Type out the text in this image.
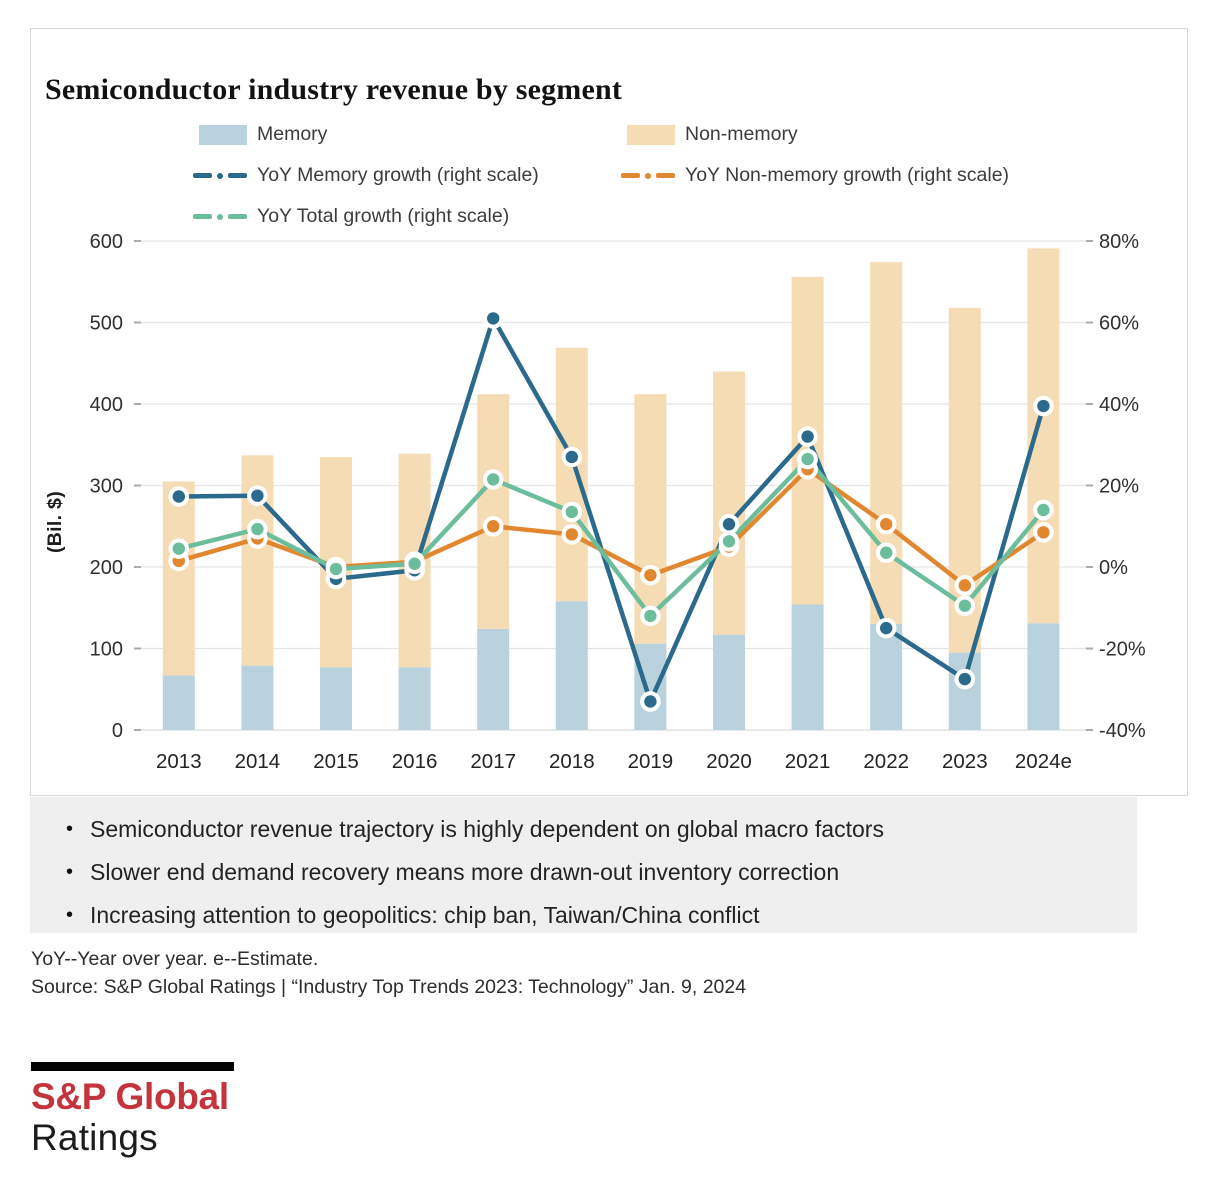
Semiconductor industry revenue by segment
Memory	Non-memory
YoY Memory growth (right scale)	YoY Non-memory growth (right scale)
YoY Total growth (right scale)
(Bil. $)
600
500
400
300
200
100
0
80%
60%
40%
20%
0%
-20%
-40%
2013 2014 2015 2016 2017 2018 2019 2020 2021 2022 2023 2024e
• Semiconductor revenue trajectory is highly dependent on global macro factors
• Slower end demand recovery means more drawn-out inventory correction
• Increasing attention to geopolitics: chip ban, Taiwan/China conflict
YoY--Year over year. e--Estimate.
Source: S&P Global Ratings | “Industry Top Trends 2023: Technology” Jan. 9, 2024
S&P Global
Ratings
